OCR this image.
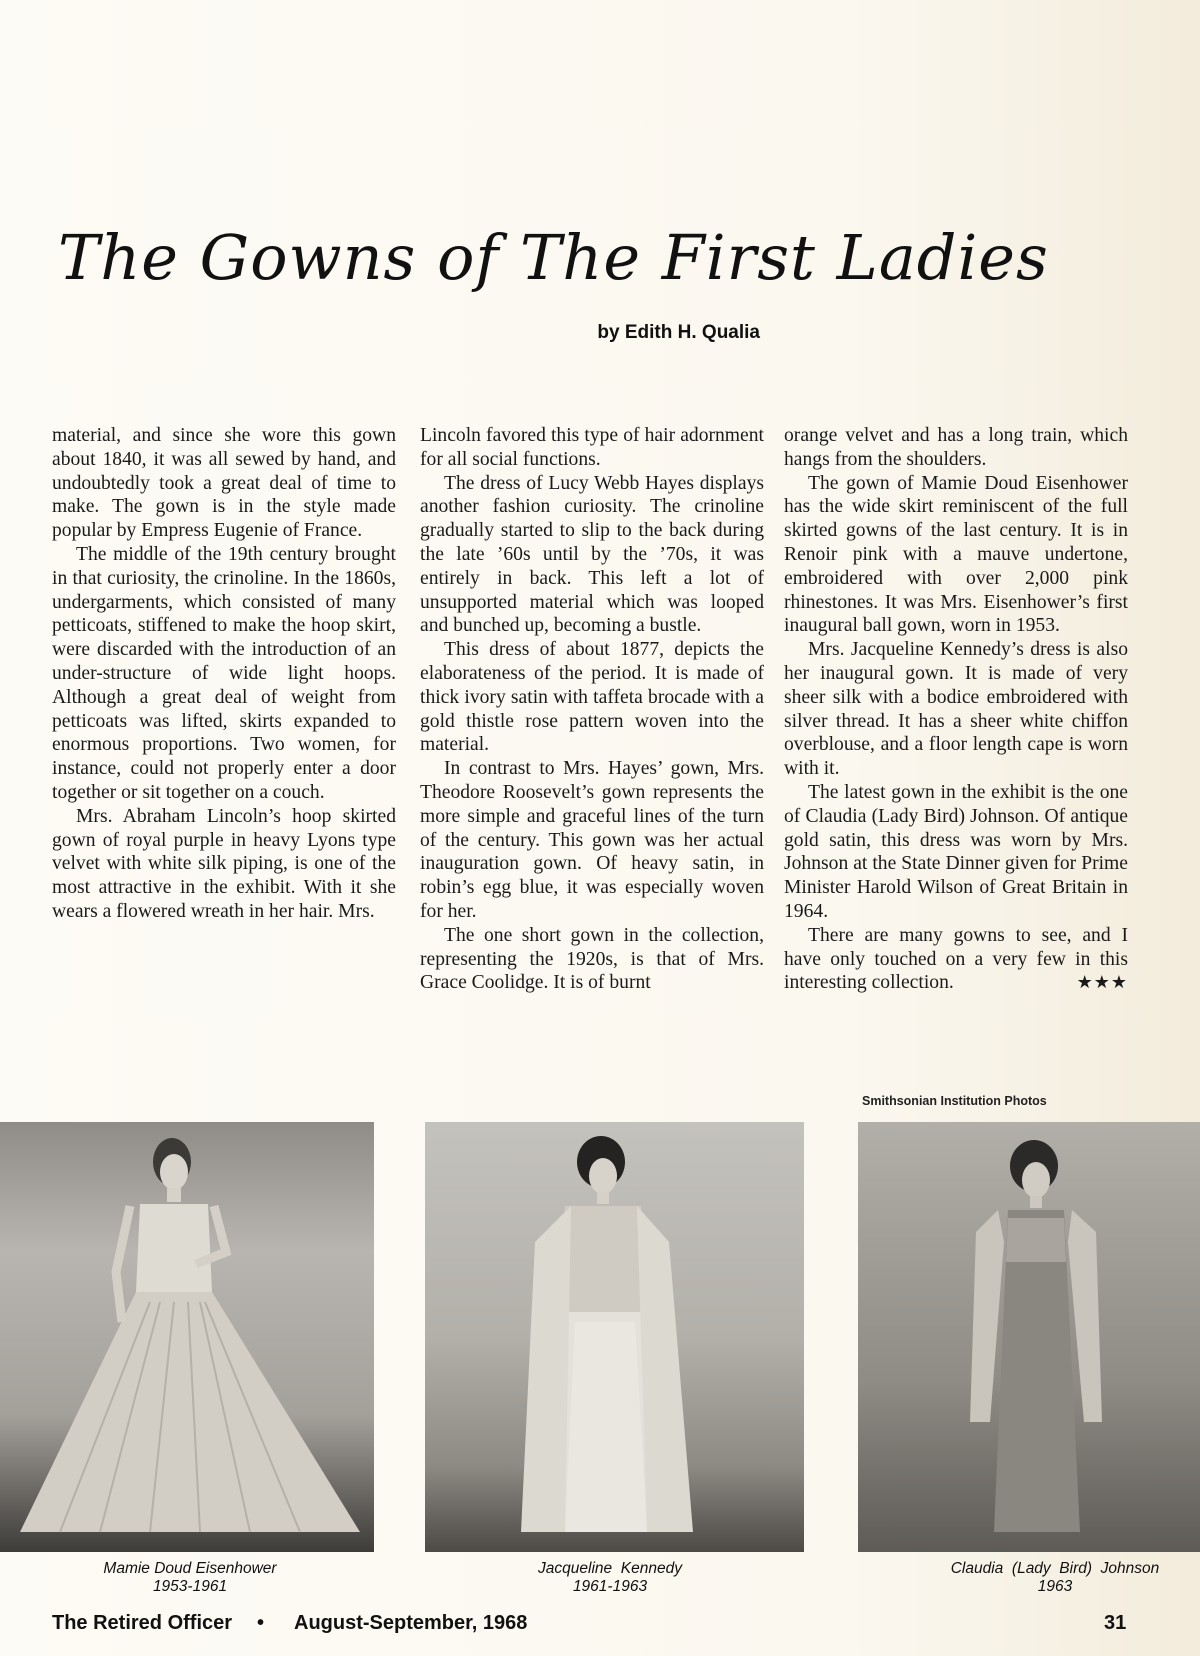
The Gowns of The First Ladies
by Edith H. Qualia

material, and since she wore this gown about 1840, it was all sewed by hand, and undoubtedly took a great deal of time to make. The gown is in the style made popular by Empress Eugenie of France.

The middle of the 19th century brought in that curiosity, the crinoline. In the 1860s, undergarments, which consisted of many petticoats, stiffened to make the hoop skirt, were discarded with the introduction of an under-structure of wide light hoops. Although a great deal of weight from petticoats was lifted, skirts expanded to enormous proportions. Two women, for instance, could not properly enter a door together or sit together on a couch.

Mrs. Abraham Lincoln’s hoop skirted gown of royal purple in heavy Lyons type velvet with white silk piping, is one of the most attractive in the exhibit. With it she wears a flowered wreath in her hair. Mrs.

Lincoln favored this type of hair adornment for all social functions.

The dress of Lucy Webb Hayes displays another fashion curiosity. The crinoline gradually started to slip to the back during the late ’60s until by the ’70s, it was entirely in back. This left a lot of unsupported material which was looped and bunched up, becoming a bustle.

This dress of about 1877, depicts the elaborateness of the period. It is made of thick ivory satin with taffeta brocade with a gold thistle rose pattern woven into the material.

In contrast to Mrs. Hayes’ gown, Mrs. Theodore Roosevelt’s gown represents the more simple and graceful lines of the turn of the century. This gown was her actual inauguration gown. Of heavy satin, in robin’s egg blue, it was especially woven for her.

The one short gown in the collection, representing the 1920s, is that of Mrs. Grace Coolidge. It is of burnt

orange velvet and has a long train, which hangs from the shoulders.

The gown of Mamie Doud Eisenhower has the wide skirt reminiscent of the full skirted gowns of the last century. It is in Renoir pink with a mauve undertone, embroidered with over 2,000 pink rhinestones. It was Mrs. Eisenhower’s first inaugural ball gown, worn in 1953.

Mrs. Jacqueline Kennedy’s dress is also her inaugural gown. It is made of very sheer silk with a bodice embroidered with silver thread. It has a sheer white chiffon overblouse, and a floor length cape is worn with it.

The latest gown in the exhibit is the one of Claudia (Lady Bird) Johnson. Of antique gold satin, this dress was worn by Mrs. Johnson at the State Dinner given for Prime Minister Harold Wilson of Great Britain in 1964.

There are many gowns to see, and I have only touched on a very few in this interesting collection.	★★★

Smithsonian Institution Photos
Mamie Doud Eisenhower
1953-1961
Jacqueline  Kennedy
1961-1963
Claudia  (Lady  Bird)  Johnson
1963
The Retired Officer • August-September, 1968	31
